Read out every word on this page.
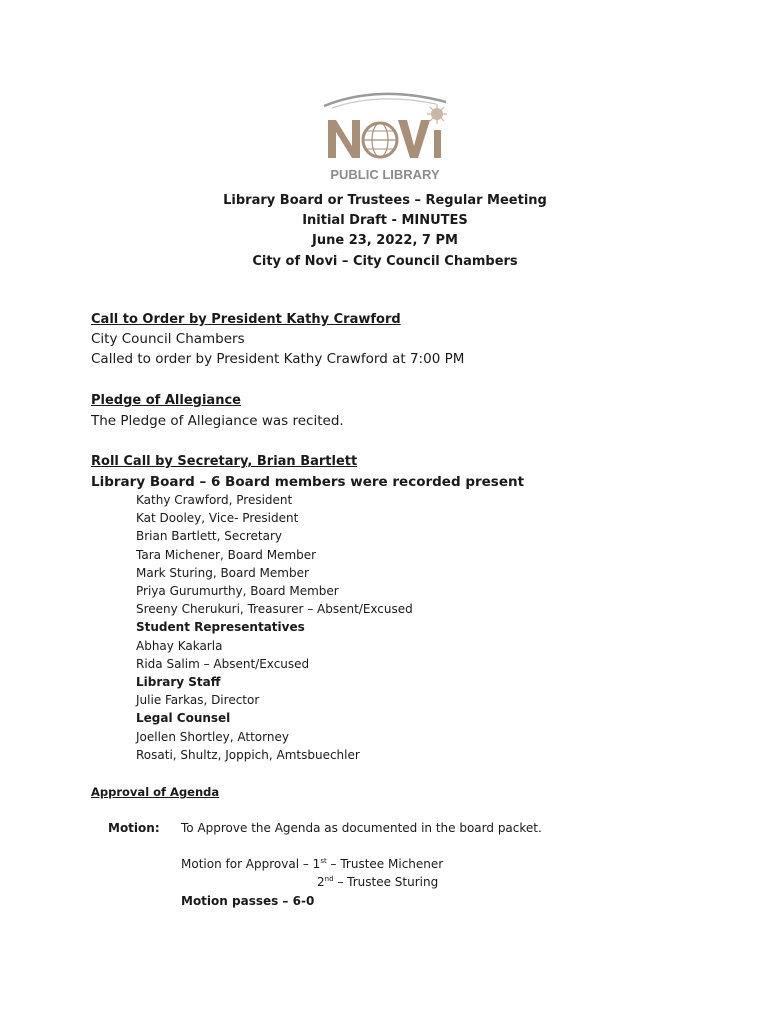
PUBLIC LIBRARY
Library Board or Trustees – Regular Meeting
Initial Draft - MINUTES
June 23, 2022, 7 PM
City of Novi – City Council Chambers
Call to Order by President Kathy Crawford
City Council Chambers
Called to order by President Kathy Crawford at 7:00 PM
Pledge of Allegiance
The Pledge of Allegiance was recited.
Roll Call by Secretary, Brian Bartlett
Library Board – 6 Board members were recorded present
Kathy Crawford, President
Kat Dooley, Vice- President
Brian Bartlett, Secretary
Tara Michener, Board Member
Mark Sturing, Board Member
Priya Gurumurthy, Board Member
Sreeny Cherukuri, Treasurer – Absent/Excused
Student Representatives
Abhay Kakarla
Rida Salim – Absent/Excused
Library Staff
Julie Farkas, Director
Legal Counsel
Joellen Shortley, Attorney
Rosati, Shultz, Joppich, Amtsbuechler
Approval of Agenda
Motion: To Approve the Agenda as documented in the board packet.
Motion for Approval – 1st – Trustee Michener
2nd – Trustee Sturing
Motion passes – 6-0
